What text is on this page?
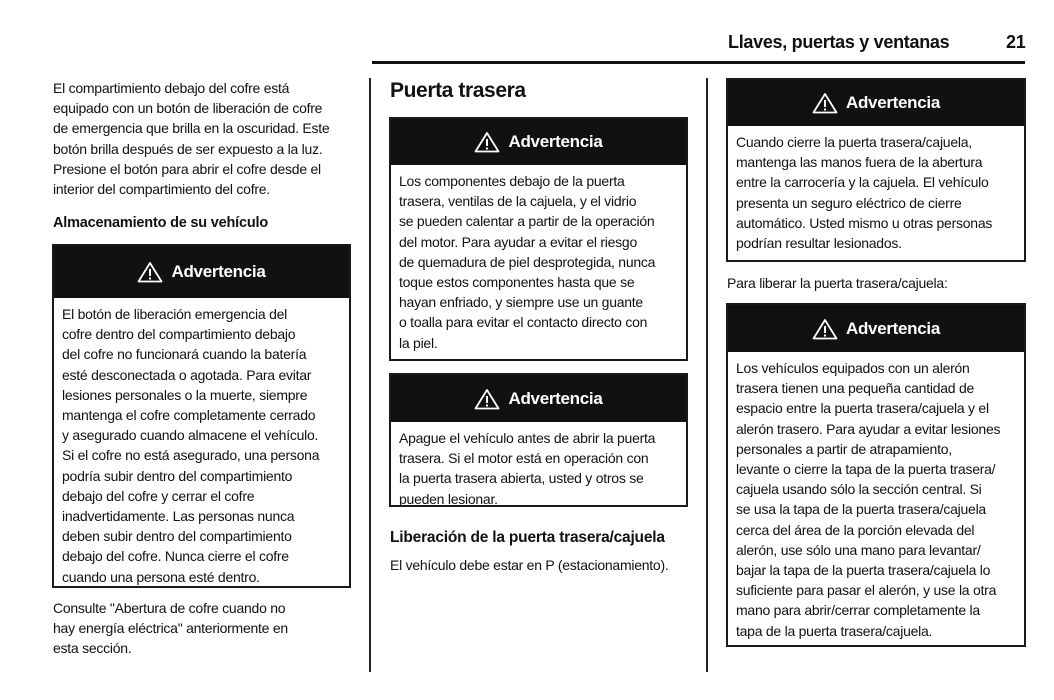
Llaves, puertas y ventanas	21
El compartimiento debajo del cofre está
equipado con un botón de liberación de cofre
de emergencia que brilla en la oscuridad. Este
botón brilla después de ser expuesto a la luz.
Presione el botón para abrir el cofre desde el
interior del compartimiento del cofre.
Almacenamiento de su vehículo
Advertencia
El botón de liberación emergencia del
cofre dentro del compartimiento debajo
del cofre no funcionará cuando la batería
esté desconectada o agotada. Para evitar
lesiones personales o la muerte, siempre
mantenga el cofre completamente cerrado
y asegurado cuando almacene el vehículo.
Si el cofre no está asegurado, una persona
podría subir dentro del compartimiento
debajo del cofre y cerrar el cofre
inadvertidamente. Las personas nunca
deben subir dentro del compartimiento
debajo del cofre. Nunca cierre el cofre
cuando una persona esté dentro.
Consulte "Abertura de cofre cuando no
hay energía eléctrica" anteriormente en
esta sección.
Puerta trasera
Advertencia
Los componentes debajo de la puerta
trasera, ventilas de la cajuela, y el vidrio
se pueden calentar a partir de la operación
del motor. Para ayudar a evitar el riesgo
de quemadura de piel desprotegida, nunca
toque estos componentes hasta que se
hayan enfriado, y siempre use un guante
o toalla para evitar el contacto directo con
la piel.
Advertencia
Apague el vehículo antes de abrir la puerta
trasera. Si el motor está en operación con
la puerta trasera abierta, usted y otros se
pueden lesionar.
Liberación de la puerta trasera/cajuela
El vehículo debe estar en P (estacionamiento).
Advertencia
Cuando cierre la puerta trasera/cajuela,
mantenga las manos fuera de la abertura
entre la carrocería y la cajuela. El vehículo
presenta un seguro eléctrico de cierre
automático. Usted mismo u otras personas
podrían resultar lesionados.
Para liberar la puerta trasera/cajuela:
Advertencia
Los vehículos equipados con un alerón
trasera tienen una pequeña cantidad de
espacio entre la puerta trasera/cajuela y el
alerón trasero. Para ayudar a evitar lesiones
personales a partir de atrapamiento,
levante o cierre la tapa de la puerta trasera/
cajuela usando sólo la sección central. Si
se usa la tapa de la puerta trasera/cajuela
cerca del área de la porción elevada del
alerón, use sólo una mano para levantar/
bajar la tapa de la puerta trasera/cajuela lo
suficiente para pasar el alerón, y use la otra
mano para abrir/cerrar completamente la
tapa de la puerta trasera/cajuela.
